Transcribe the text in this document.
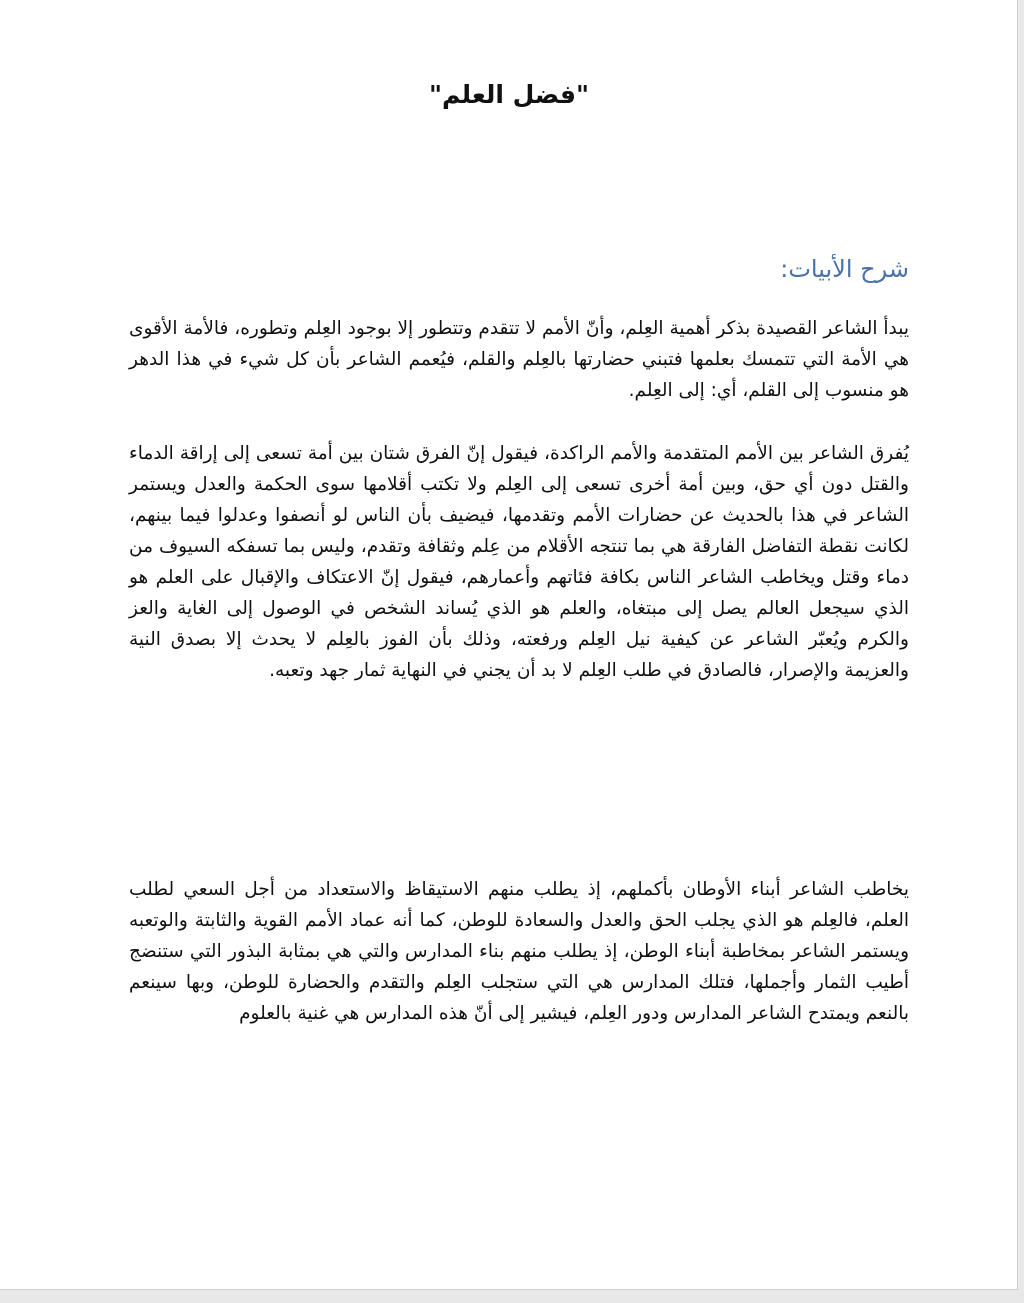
"فضل العلم"
شرح الأبيات:

يبدأ الشاعر القصيدة بذكر أهمية العِلم، وأنّ الأمم لا تتقدم وتتطور إلا بوجود العِلم وتطوره، فالأمة الأقوى هي الأمة التي تتمسك بعلمها فتبني حضارتها بالعِلم والقلم، فيُعمم الشاعر بأن كل شيء في هذا الدهر هو منسوب إلى القلم، أي: إلى العِلم.

يُفرق الشاعر بين الأمم المتقدمة والأمم الراكدة، فيقول إنّ الفرق شتان بين أمة تسعى إلى إراقة الدماء والقتل دون أي حق، وبين أمة أخرى تسعى إلى العِلم ولا تكتب أقلامها سوى الحكمة والعدل ويستمر الشاعر في هذا بالحديث عن حضارات الأمم وتقدمها، فيضيف بأن الناس لو أنصفوا وعدلوا فيما بينهم، لكانت نقطة التفاضل الفارقة هي بما تنتجه الأقلام من عِلم وثقافة وتقدم، وليس بما تسفكه السيوف من دماء وقتل ويخاطب الشاعر الناس بكافة فئاتهم وأعمارهم، فيقول إنّ الاعتكاف والإقبال على العلم هو الذي سيجعل العالم يصل إلى مبتغاه، والعلم هو الذي يُساند الشخص في الوصول إلى الغاية والعز والكرم ويُعبّر الشاعر عن كيفية نيل العِلم ورفعته، وذلك بأن الفوز بالعِلم لا يحدث إلا بصدق النية والعزيمة والإصرار، فالصادق في طلب العِلم لا بد أن يجني في النهاية ثمار جهد وتعبه.

يخاطب الشاعر أبناء الأوطان بأكملهم، إذ يطلب منهم الاستيقاظ والاستعداد من أجل السعي لطلب العلم، فالعِلم هو الذي يجلب الحق والعدل والسعادة للوطن، كما أنه عماد الأمم القوية والثابتة والوتعبه ويستمر الشاعر بمخاطبة أبناء الوطن، إذ يطلب منهم بناء المدارس والتي هي بمثابة البذور التي ستنضج أطيب الثمار وأجملها، فتلك المدارس هي التي ستجلب العِلم والتقدم والحضارة للوطن، وبها سينعم بالنعم ويمتدح الشاعر المدارس ودور العِلم، فيشير إلى أنّ هذه المدارس هي غنية بالعلوم
